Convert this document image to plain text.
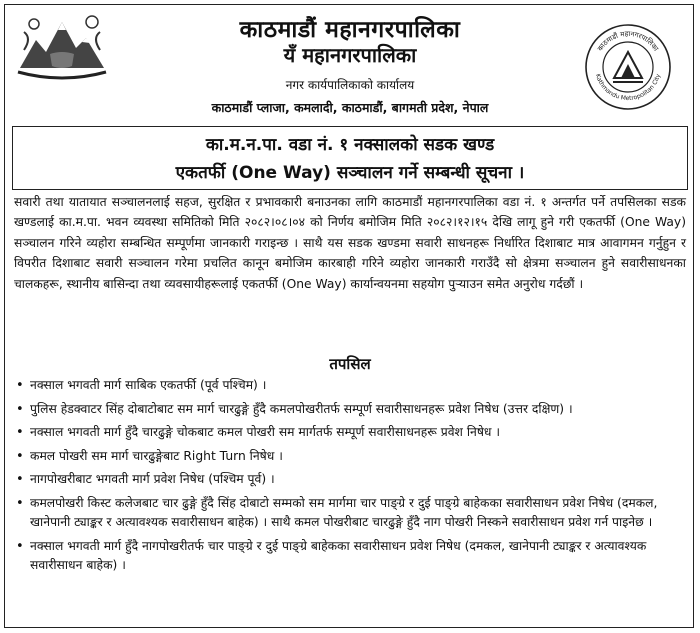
काठमाडौं महानगरपालिका
यँ महानगरपालिका
नगर कार्यपालिकाको कार्यालय
काठमाडौं प्लाजा, कमलादी, काठमाडौं, बागमती प्रदेश, नेपाल
काठमाडौं महानगरपालिका
Kathmandu Metropolitan City
का.म.न.पा. वडा नं. १ नक्सालको सडक खण्ड
एकतर्फी (One Way) सञ्चालन गर्ने सम्बन्धी सूचना ।
सवारी तथा यातायात सञ्चालनलाई सहज, सुरक्षित र प्रभावकारी बनाउनका लागि काठमाडौं महानगरपालिका वडा नं. १ अन्तर्गत पर्ने तपसिलका सडक खण्डलाई का.म.पा. भवन व्यवस्था समितिको मिति २०८२।०८।०४ को निर्णय बमोजिम मिति २०८२।१२।१५ देखि लागू हुने गरी एकतर्फी (One Way) सञ्चालन गरिने व्यहोरा सम्बन्धित सम्पूर्णमा जानकारी गराइन्छ । साथै यस सडक खण्डमा सवारी साधनहरू निर्धारित दिशाबाट मात्र आवागमन गर्नुहुन र विपरीत दिशाबाट सवारी सञ्चालन गरेमा प्रचलित कानून बमोजिम कारबाही गरिने व्यहोरा जानकारी गराउँदै सो क्षेत्रमा सञ्चालन हुने सवारीसाधनका चालकहरू, स्थानीय बासिन्दा तथा व्यवसायीहरूलाई एकतर्फी (One Way) कार्यान्वयनमा सहयोग पुऱ्याउन समेत अनुरोध गर्दछौं ।
तपसिल
• नक्साल भगवती मार्ग साबिक एकतर्फी (पूर्व पश्चिम) ।
• पुलिस हेडक्वाटर सिंह दोबाटोबाट सम मार्ग चारढुङ्गे हुँदै कमलपोखरीतर्फ सम्पूर्ण सवारीसाधनहरू प्रवेश निषेध (उत्तर दक्षिण) ।
• नक्साल भगवती मार्ग हुँदै चारढुङ्गे चोकबाट कमल पोखरी सम मार्गतर्फ सम्पूर्ण सवारीसाधनहरू प्रवेश निषेध ।
• कमल पोखरी सम मार्ग चारढुङ्गेबाट Right Turn निषेध ।
• नागपोखरीबाट भगवती मार्ग प्रवेश निषेध (पश्चिम पूर्व) ।
• कमलपोखरी किस्ट कलेजबाट चार ढुङ्गे हुँदै सिंह दोबाटो सम्मको सम मार्गमा चार पाङ्ग्रे र दुई पाङ्ग्रे बाहेकका सवारीसाधन प्रवेश निषेध (दमकल, खानेपानी ट्याङ्कर र अत्यावश्यक सवारीसाधन बाहेक) । साथै कमल पोखरीबाट चारढुङ्गे हुँदै नाग पोखरी निस्कने सवारीसाधन प्रवेश गर्न पाइनेछ ।
• नक्साल भगवती मार्ग हुँदै नागपोखरीतर्फ चार पाङ्ग्रे र दुई पाङ्ग्रे बाहेकका सवारीसाधन प्रवेश निषेध (दमकल, खानेपानी ट्याङ्कर र अत्यावश्यक सवारीसाधन बाहेक) ।
